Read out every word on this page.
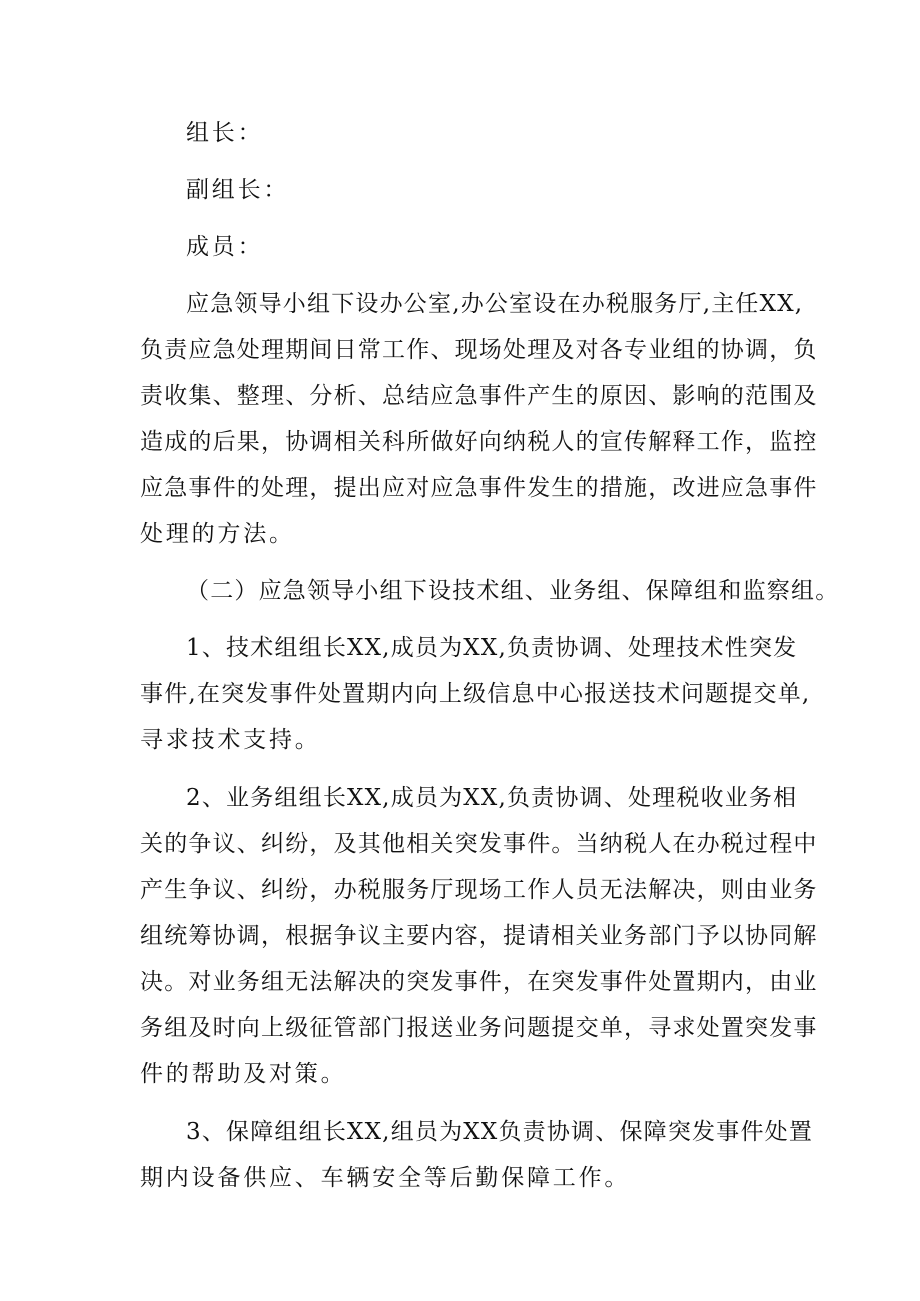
组长：
副组长：
成员：
应急领导小组下设办公室,办公室设在办税服务厅,主任XX,
负责应急处理期间日常工作、现场处理及对各专业组的协调，负
责收集、整理、分析、总结应急事件产生的原因、影响的范围及
造成的后果，协调相关科所做好向纳税人的宣传解释工作，监控
应急事件的处理，提出应对应急事件发生的措施，改进应急事件
处理的方法。
（二）应急领导小组下设技术组、业务组、保障组和监察组。
1、技术组组长XX,成员为XX,负责协调、处理技术性突发
事件,在突发事件处置期内向上级信息中心报送技术问题提交单,
寻求技术支持。
2、业务组组长XX,成员为XX,负责协调、处理税收业务相
关的争议、纠纷，及其他相关突发事件。当纳税人在办税过程中
产生争议、纠纷，办税服务厅现场工作人员无法解决，则由业务
组统筹协调，根据争议主要内容，提请相关业务部门予以协同解
决。对业务组无法解决的突发事件，在突发事件处置期内，由业
务组及时向上级征管部门报送业务问题提交单，寻求处置突发事
件的帮助及对策。
3、保障组组长XX,组员为XX负责协调、保障突发事件处置
期内设备供应、车辆安全等后勤保障工作。
